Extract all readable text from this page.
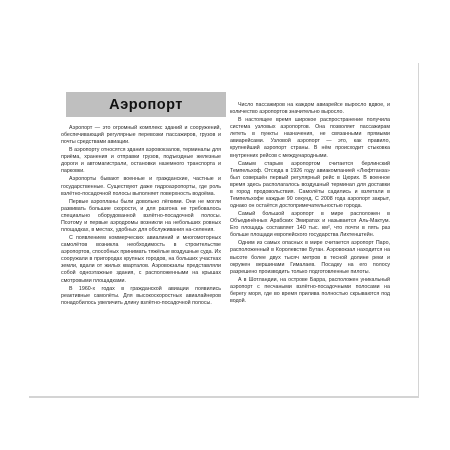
Аэропорт

Аэропорт — это огромный комплекс зданий и сооружений, обеспечивающий регулярные перевозки пассажиров, грузов и почты средствами авиации.

В аэропорту относятся здания аэровокзалов, терминалы для приёма, хранения и отправки грузов, подъездные железные дороги и автомагистрали, остановки наземного транспорта и парковки.

Аэропорты бывают военные и гражданские, частные и государственные. Существуют даже гидроаэропорты, где роль взлётно-посадочной полосы выполняет поверхность водоёма.

Первые аэропланы были довольно лёгкими. Они не могли развивать большие скорости, и для разгона не требовалось специально оборудованной взлётно-посадочной полосы. Поэтому и первые аэродромы возникли на небольших ровных площадках, в местах, удобных для обслуживания на-селения.

С появлением коммерческих авиалиний и многомоторных самолётов возникла необходимость в строительстве аэропортов, способных принимать тяжёлые воздушные суда. Их сооружали в пригородах крупных городов, на больших участках земли, вдали от жилых кварталов. Аэровокзалы представляли собой одноэтажные здания, с расположенными на крышах смотровыми площадками.

В 1960-х годах в гражданской авиации появились реактивные самолёты. Для высокоскоростных авиалайнеров понадобилось увеличить длину взлётно-посадочной полосы.

Число пассажиров на каждом авиарейсе выросло вдвое, и количество аэропортов значительно выросло.

В настоящее время широкое распространение получила система узловых аэропортов. Она позволяет пассажирам лететь в пункты назначения, не связанными прямыми авиарейсами. Узловой аэропорт — это, как правило, крупнейший аэропорт страны. В нём происходит стыковка внутренних рейсов с международными.

Самым старым аэропортом считается берлинский Темпельхоф. Отсюда в 1926 году авиакомпанией «Люфтганза» был совершён первый регулярный рейс в Цюрих. В военное время здесь располагалось воздушный терминал для доставки в город продовольствия. Самолёты садились и взлетали в Темпельхофе каждые 90 секунд. С 2008 года аэропорт закрыт, однако он остаётся достопримечательностью города.

Самый большой аэропорт в мире расположен в Объединённых Арабских Эмиратах и называется Аль-Мактум. Его площадь составляет 140 тыс. км², что почти в пять раз больше площади европейского государства Лихтенштейн.

Одним из самых опасных в мире считается аэропорт Паро, расположенный в Королевстве Бутан. Аэровокзал находится на высоте более двух тысяч метров в тесной долине реки и окружен вершинами Гималаев. Посадку на его полосу разрешено производить только подготовленные пилоты.

А в Шотландии, на острове Барра, расположен уникальный аэропорт с песчаными взлётно-посадочными полосами на берегу моря, где во время прилива полностью скрываются под водой.
